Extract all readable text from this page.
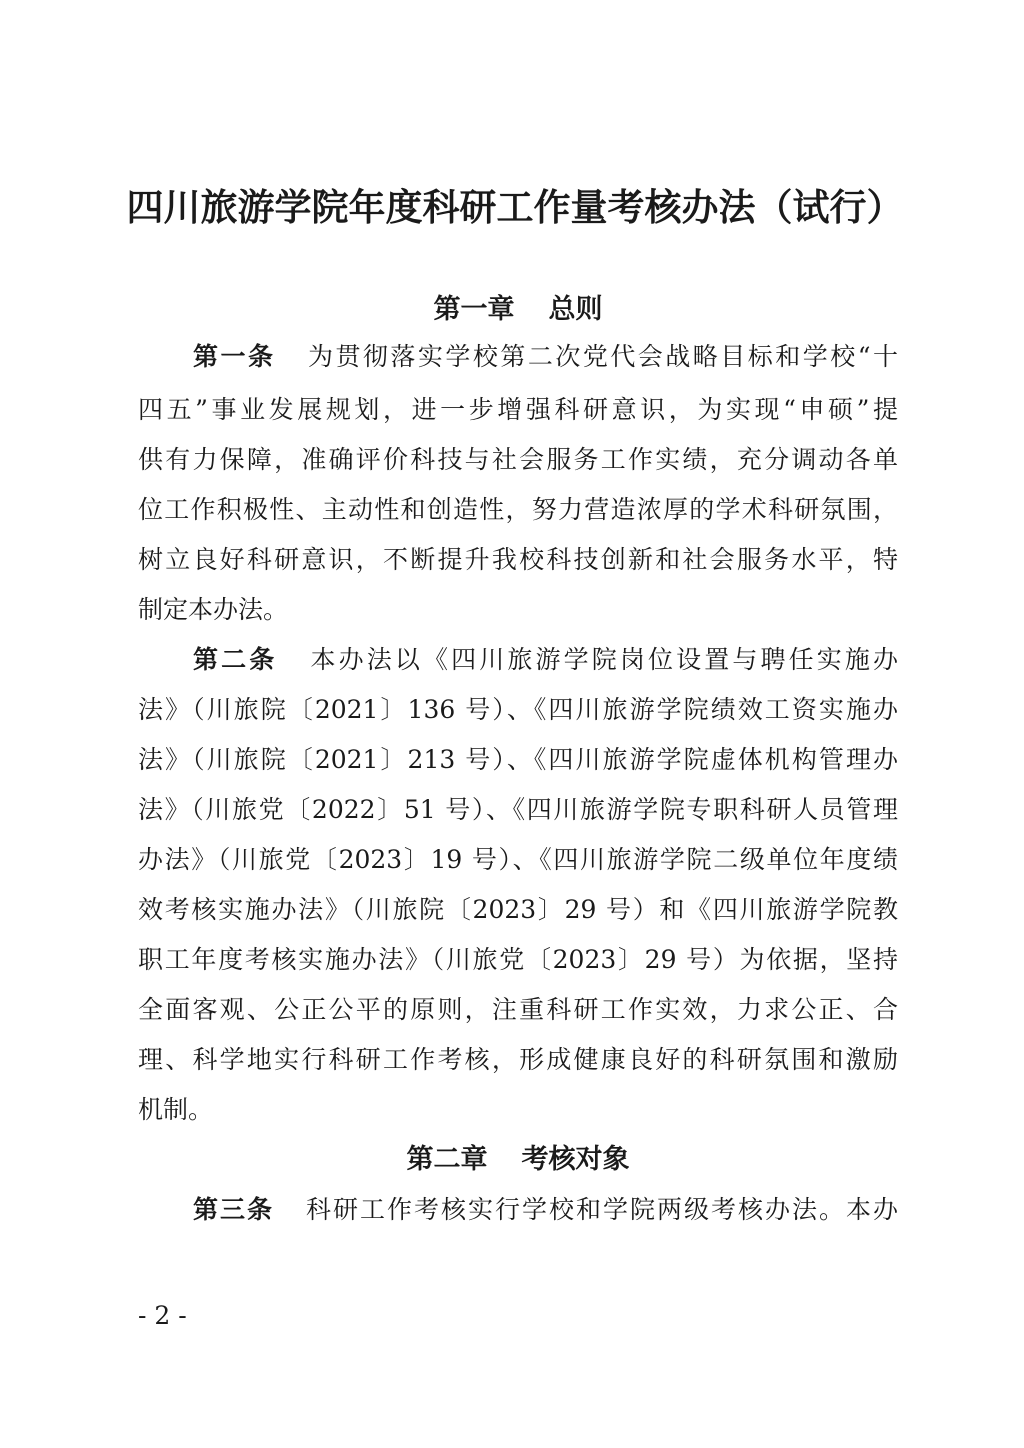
四川旅游学院年度科研工作量考核办法（试行）
第一章 总则

第一条 为贯彻落实学校第二次党代会战略目标和学校“十

四五”事业发展规划，进一步增强科研意识，为实现“申硕”提

供有力保障，准确评价科技与社会服务工作实绩，充分调动各单

位工作积极性、主动性和创造性，努力营造浓厚的学术科研氛围，

树立良好科研意识，不断提升我校科技创新和社会服务水平，特

制定本办法。

第二条 本办法以《四川旅游学院岗位设置与聘任实施办

法》（川旅院〔2021〕136 号）、《四川旅游学院绩效工资实施办

法》（川旅院〔2021〕213 号）、《四川旅游学院虚体机构管理办

法》（川旅党〔2022〕51 号）、《四川旅游学院专职科研人员管理

办法》（川旅党〔2023〕19 号）、《四川旅游学院二级单位年度绩

效考核实施办法》（川旅院〔2023〕29 号）和《四川旅游学院教

职工年度考核实施办法》（川旅党〔2023〕29 号）为依据，坚持

全面客观、公正公平的原则，注重科研工作实效，力求公正、合

理、科学地实行科研工作考核，形成健康良好的科研氛围和激励

机制。

第二章 考核对象

第三条 科研工作考核实行学校和学院两级考核办法。本办

- 2 -
